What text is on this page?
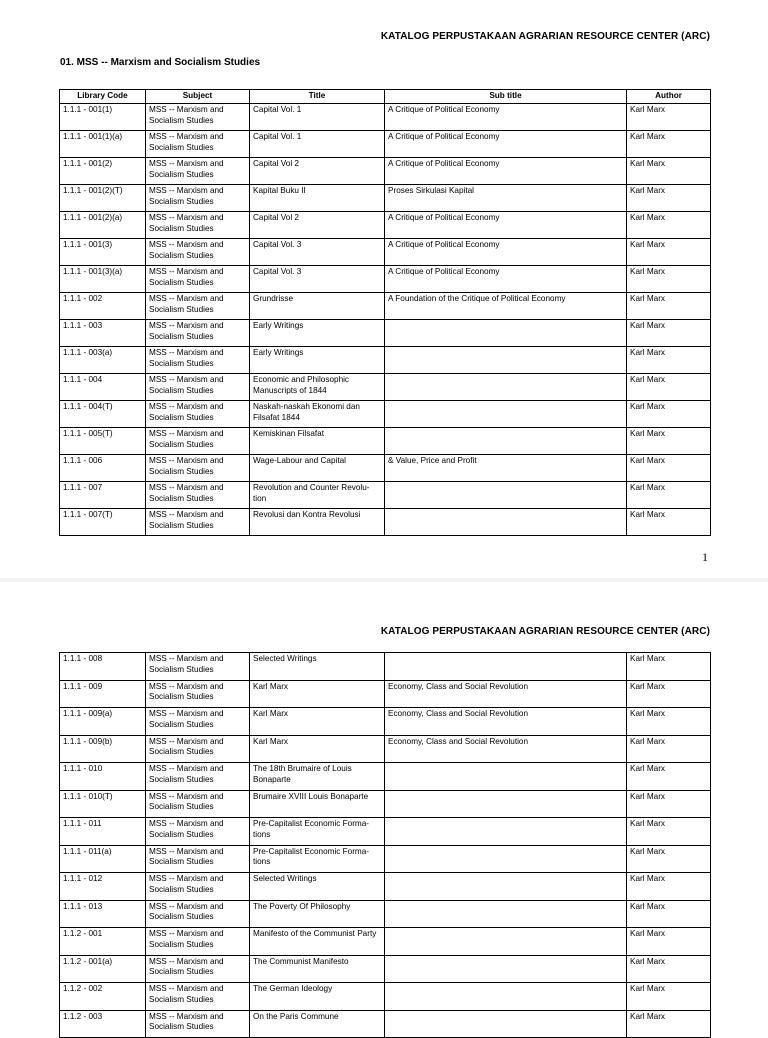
KATALOG PERPUSTAKAAN AGRARIAN RESOURCE CENTER (ARC)
01. MSS -- Marxism and Socialism Studies
Library Code	Subject	Title	Sub title	Author
1.1.1 - 001(1)	MSS -- Marxism and Socialism Studies	Capital Vol. 1	A Critique of Political Economy	Karl Marx
1.1.1 - 001(1)(a)	MSS -- Marxism and Socialism Studies	Capital Vol. 1	A Critique of Political Economy	Karl Marx
1.1.1 - 001(2)	MSS -- Marxism and Socialism Studies	Capital Vol 2	A Critique of Political Economy	Karl Marx
1.1.1 - 001(2)(T)	MSS -- Marxism and Socialism Studies	Kapital Buku II	Proses Sirkulasi Kapital	Karl Marx
1.1.1 - 001(2)(a)	MSS -- Marxism and Socialism Studies	Capital Vol 2	A Critique of Political Economy	Karl Marx
1.1.1 - 001(3)	MSS -- Marxism and Socialism Studies	Capital Vol. 3	A Critique of Political Economy	Karl Marx
1.1.1 - 001(3)(a)	MSS -- Marxism and Socialism Studies	Capital Vol. 3	A Critique of Political Economy	Karl Marx
1.1.1 - 002	MSS -- Marxism and Socialism Studies	Grundrisse	A Foundation of the Critique of Political Economy	Karl Marx
1.1.1 - 003	MSS -- Marxism and Socialism Studies	Early Writings		Karl Marx
1.1.1 - 003(a)	MSS -- Marxism and Socialism Studies	Early Writings		Karl Marx
1.1.1 - 004	MSS -- Marxism and Socialism Studies	Economic and Philosophic Manuscripts of 1844		Karl Marx
1.1.1 - 004(T)	MSS -- Marxism and Socialism Studies	Naskah-naskah Ekonomi dan Filsafat 1844		Karl Marx
1.1.1 - 005(T)	MSS -- Marxism and Socialism Studies	Kemiskinan Filsafat		Karl Marx
1.1.1 - 006	MSS -- Marxism and Socialism Studies	Wage-Labour and Capital	& Value, Price and Profit	Karl Marx
1.1.1 - 007	MSS -- Marxism and Socialism Studies	Revolution and Counter Revolu-tion		Karl Marx
1.1.1 - 007(T)	MSS -- Marxism and Socialism Studies	Revolusi dan Kontra Revolusi		Karl Marx
1
KATALOG PERPUSTAKAAN AGRARIAN RESOURCE CENTER (ARC)
1.1.1 - 008	MSS -- Marxism and Socialism Studies	Selected Writings		Karl Marx
1.1.1 - 009	MSS -- Marxism and Socialism Studies	Karl Marx	Economy, Class and Social Revolution	Karl Marx
1.1.1 - 009(a)	MSS -- Marxism and Socialism Studies	Karl Marx	Economy, Class and Social Revolution	Karl Marx
1.1.1 - 009(b)	MSS -- Marxism and Socialism Studies	Karl Marx	Economy, Class and Social Revolution	Karl Marx
1.1.1 - 010	MSS -- Marxism and Socialism Studies	The 18th Brumaire of Louis Bonaparte		Karl Marx
1.1.1 - 010(T)	MSS -- Marxism and Socialism Studies	Brumaire XVIII Louis Bonaparte		Karl Marx
1.1.1 - 011	MSS -- Marxism and Socialism Studies	Pre-Capitalist Economic Forma-tions		Karl Marx
1.1.1 - 011(a)	MSS -- Marxism and Socialism Studies	Pre-Capitalist Economic Forma-tions		Karl Marx
1.1.1 - 012	MSS -- Marxism and Socialism Studies	Selected Writings		Karl Marx
1.1.1 - 013	MSS -- Marxism and Socialism Studies	The Poverty Of Philosophy		Karl Marx
1.1.2 - 001	MSS -- Marxism and Socialism Studies	Manifesto of the Communist Party		Karl Marx
1.1.2 - 001(a)	MSS -- Marxism and Socialism Studies	The Communist Manifesto		Karl Marx
1.1.2 - 002	MSS -- Marxism and Socialism Studies	The German Ideology		Karl Marx
1.1.2 - 003	MSS -- Marxism and Socialism Studies	On the Paris Commune		Karl Marx
